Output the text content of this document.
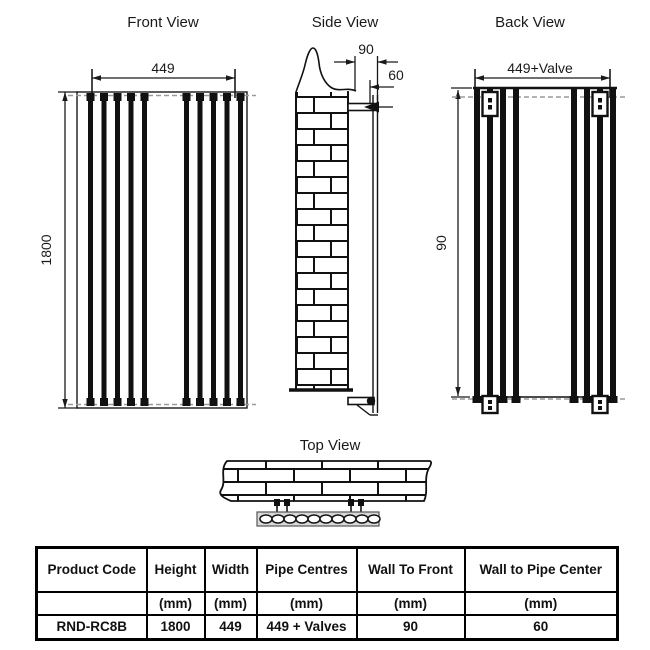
Front View
449
1800
Side View
90
60
Back View
449+Valve
90
Top View
Product Code	Height	Width	Pipe Centres	Wall To Front	Wall to Pipe Center
	(mm)	(mm)	(mm)	(mm)	(mm)
RND-RC8B	1800	449	449 + Valves	90	60
